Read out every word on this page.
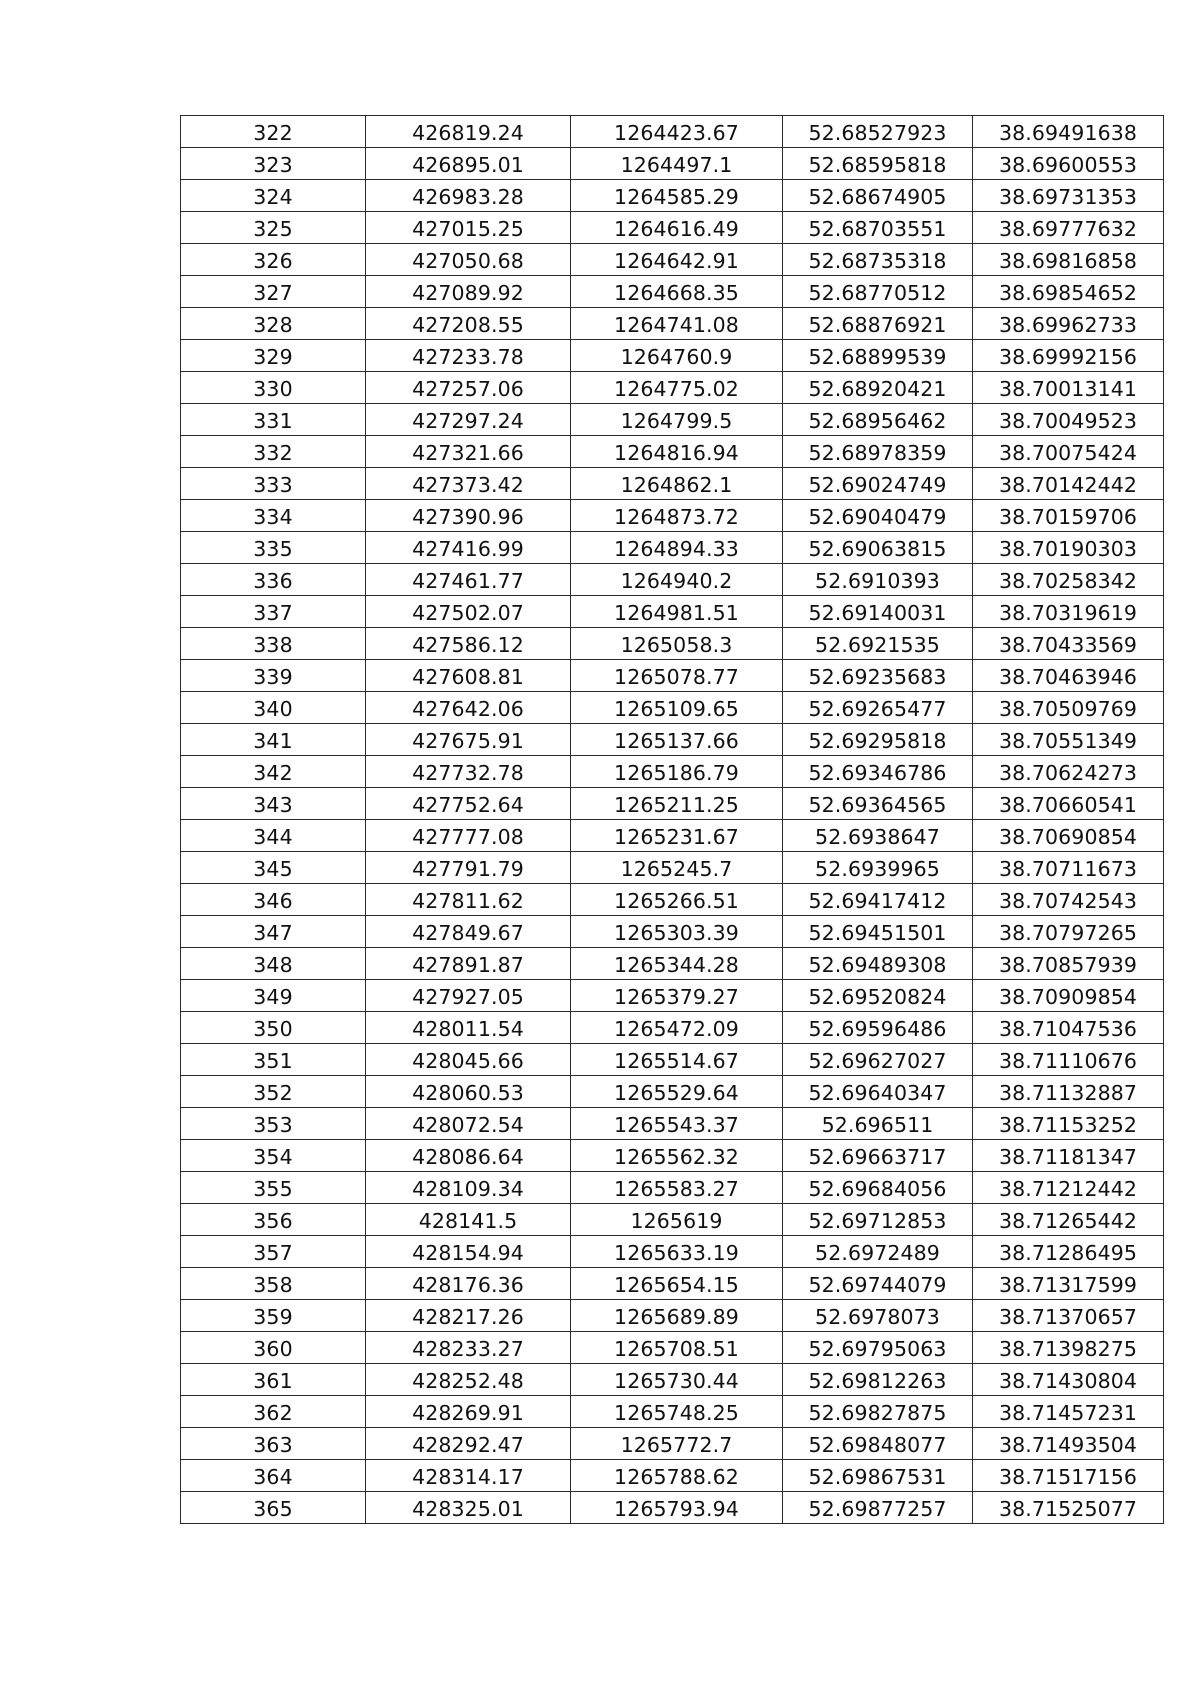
322	426819.24	1264423.67	52.68527923	38.69491638
323	426895.01	1264497.1	52.68595818	38.69600553
324	426983.28	1264585.29	52.68674905	38.69731353
325	427015.25	1264616.49	52.68703551	38.69777632
326	427050.68	1264642.91	52.68735318	38.69816858
327	427089.92	1264668.35	52.68770512	38.69854652
328	427208.55	1264741.08	52.68876921	38.69962733
329	427233.78	1264760.9	52.68899539	38.69992156
330	427257.06	1264775.02	52.68920421	38.70013141
331	427297.24	1264799.5	52.68956462	38.70049523
332	427321.66	1264816.94	52.68978359	38.70075424
333	427373.42	1264862.1	52.69024749	38.70142442
334	427390.96	1264873.72	52.69040479	38.70159706
335	427416.99	1264894.33	52.69063815	38.70190303
336	427461.77	1264940.2	52.6910393	38.70258342
337	427502.07	1264981.51	52.69140031	38.70319619
338	427586.12	1265058.3	52.6921535	38.70433569
339	427608.81	1265078.77	52.69235683	38.70463946
340	427642.06	1265109.65	52.69265477	38.70509769
341	427675.91	1265137.66	52.69295818	38.70551349
342	427732.78	1265186.79	52.69346786	38.70624273
343	427752.64	1265211.25	52.69364565	38.70660541
344	427777.08	1265231.67	52.6938647	38.70690854
345	427791.79	1265245.7	52.6939965	38.70711673
346	427811.62	1265266.51	52.69417412	38.70742543
347	427849.67	1265303.39	52.69451501	38.70797265
348	427891.87	1265344.28	52.69489308	38.70857939
349	427927.05	1265379.27	52.69520824	38.70909854
350	428011.54	1265472.09	52.69596486	38.71047536
351	428045.66	1265514.67	52.69627027	38.71110676
352	428060.53	1265529.64	52.69640347	38.71132887
353	428072.54	1265543.37	52.696511	38.71153252
354	428086.64	1265562.32	52.69663717	38.71181347
355	428109.34	1265583.27	52.69684056	38.71212442
356	428141.5	1265619	52.69712853	38.71265442
357	428154.94	1265633.19	52.6972489	38.71286495
358	428176.36	1265654.15	52.69744079	38.71317599
359	428217.26	1265689.89	52.6978073	38.71370657
360	428233.27	1265708.51	52.69795063	38.71398275
361	428252.48	1265730.44	52.69812263	38.71430804
362	428269.91	1265748.25	52.69827875	38.71457231
363	428292.47	1265772.7	52.69848077	38.71493504
364	428314.17	1265788.62	52.69867531	38.71517156
365	428325.01	1265793.94	52.69877257	38.71525077
